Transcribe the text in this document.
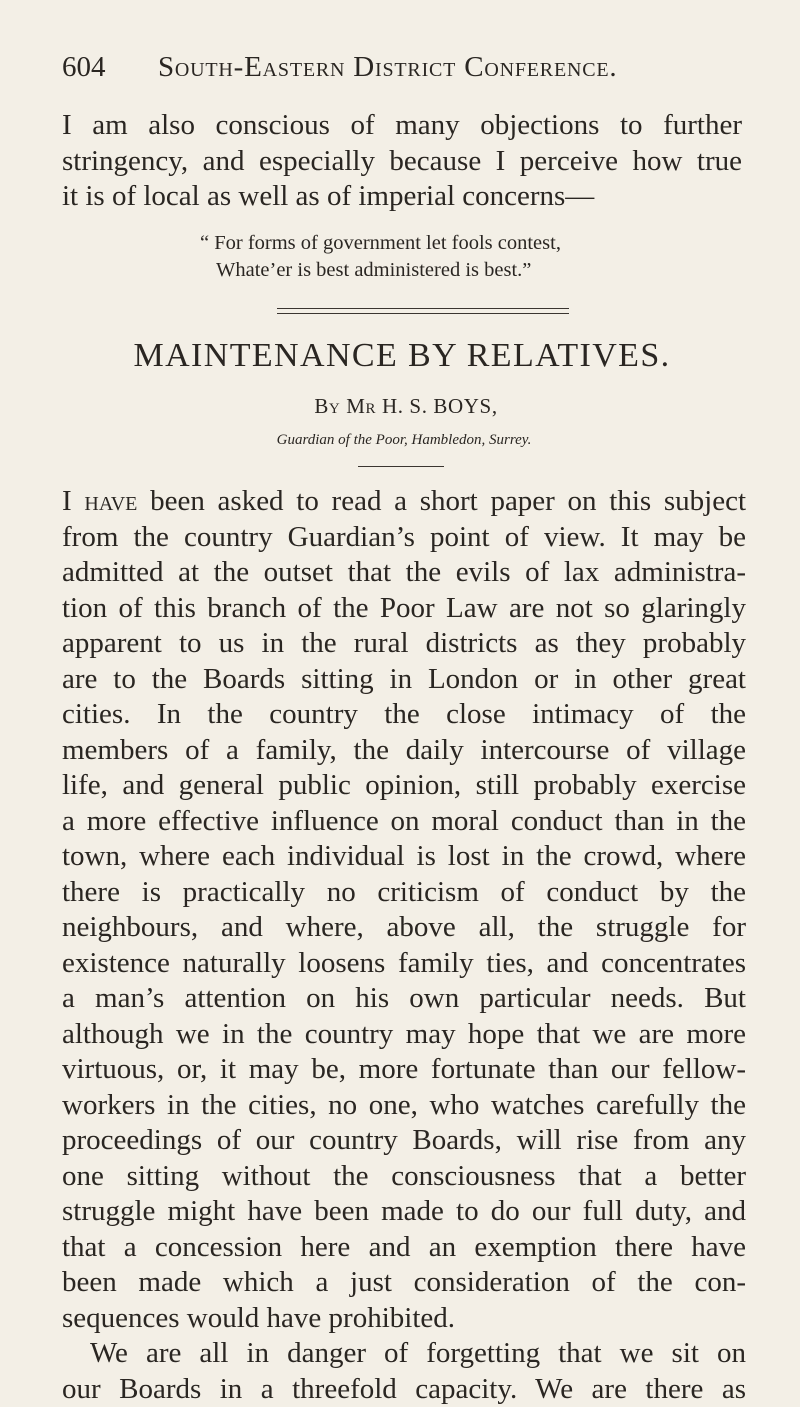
604 South-Eastern District Conference.
I am also conscious of many objections to further
stringency, and especially because I perceive how true
it is of local as well as of imperial concerns—
“ For forms of government let fools contest,
Whate’er is best administered is best.”
MAINTENANCE BY RELATIVES.
By Mr H. S. BOYS,
Guardian of the Poor, Hambledon, Surrey.

I have been asked to read a short paper on this subject
from the country Guardian’s point of view. It may be
admitted at the outset that the evils of lax administra-
tion of this branch of the Poor Law are not so glaringly
apparent to us in the rural districts as they probably
are to the Boards sitting in London or in other great
cities. In the country the close intimacy of the
members of a family, the daily intercourse of village
life, and general public opinion, still probably exercise
a more effective influence on moral conduct than in the
town, where each individual is lost in the crowd, where
there is practically no criticism of conduct by the
neighbours, and where, above all, the struggle for
existence naturally loosens family ties, and concentrates
a man’s attention on his own particular needs. But
although we in the country may hope that we are more
virtuous, or, it may be, more fortunate than our fellow-
workers in the cities, no one, who watches carefully the
proceedings of our country Boards, will rise from any
one sitting without the consciousness that a better
struggle might have been made to do our full duty, and
that a concession here and an exemption there have
been made which a just consideration of the con-
sequences would have prohibited.

We are all in danger of forgetting that we sit on
our Boards in a threefold capacity. We are there as
